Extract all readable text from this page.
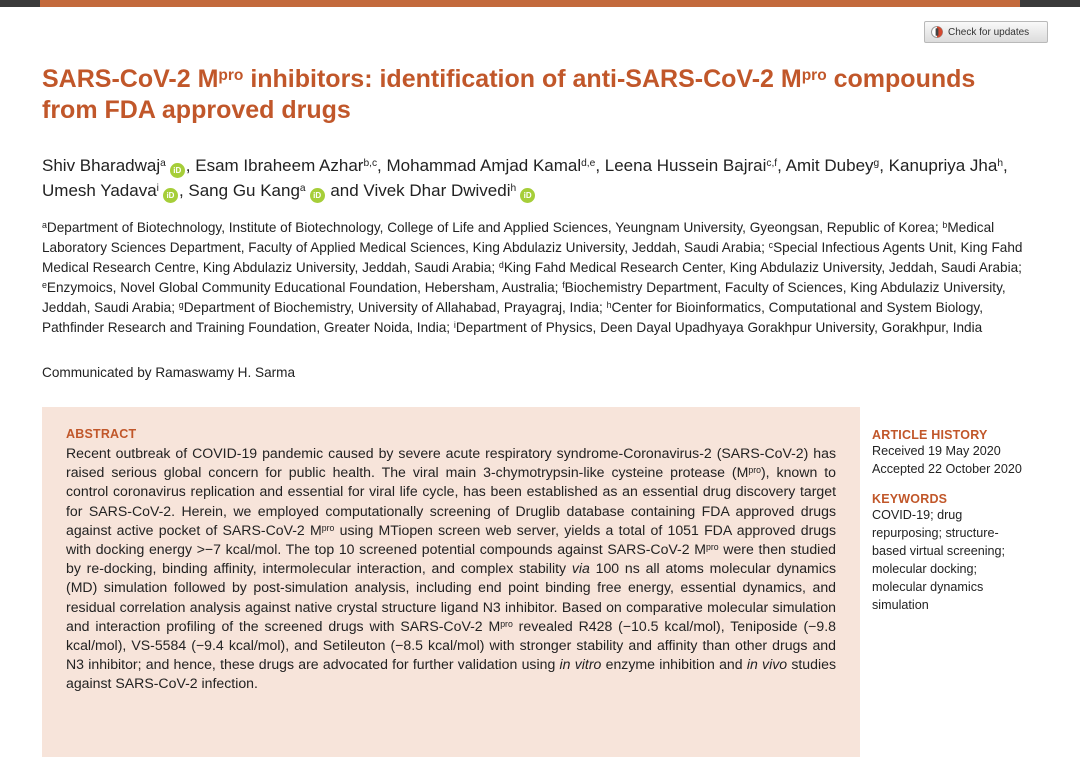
Check for updates
SARS-CoV-2 $M^{pro}$ inhibitors: identification of anti-SARS-CoV-2 $M^{pro}$ compounds from FDA approved drugs
Shiv Bharadwaj$^a$iD , Esam Ibraheem Azhar$^{b,c}$, Mohammad Amjad Kamal$^{d,e}$, Leena Hussein Bajrai$^{c,f}$, Amit Dubey$^g$, Kanupriya Jha$^h$, Umesh Yadava$^i$iD , Sang Gu Kang$^a$iD and Vivek Dhar Dwivedi$^h$iD
$^a$Department of Biotechnology, Institute of Biotechnology, College of Life and Applied Sciences, Yeungnam University, Gyeongsan, Republic of Korea; $^b$Medical Laboratory Sciences Department, Faculty of Applied Medical Sciences, King Abdulaziz University, Jeddah, Saudi Arabia; $^c$Special Infectious Agents Unit, King Fahd Medical Research Centre, King Abdulaziz University, Jeddah, Saudi Arabia; $^d$King Fahd Medical Research Center, King Abdulaziz University, Jeddah, Saudi Arabia; $^e$Enzymoics, Novel Global Community Educational Foundation, Hebersham, Australia; $^f$Biochemistry Department, Faculty of Sciences, King Abdulaziz University, Jeddah, Saudi Arabia; $^g$Department of Biochemistry, University of Allahabad, Prayagraj, India; $^h$Center for Bioinformatics, Computational and System Biology, Pathfinder Research and Training Foundation, Greater Noida, India; $^i$Department of Physics, Deen Dayal Upadhyaya Gorakhpur University, Gorakhpur, India
Communicated by Ramaswamy H. Sarma
ABSTRACT
Recent outbreak of COVID-19 pandemic caused by severe acute respiratory syndrome-Coronavirus-2 (SARS-CoV-2) has raised serious global concern for public health. The viral main 3-chymotrypsin-like cysteine protease $(M^{pro})$, known to control coronavirus replication and essential for viral life cycle, has been established as an essential drug discovery target for SARS-CoV-2. Herein, we employed computationally screening of Druglib database containing FDA approved drugs against active pocket of SARS-CoV-2 $M^{pro}$ using MTiopen screen web server, yields a total of 1051 FDA approved drugs with docking energy >−7 kcal/mol. The top 10 screened potential compounds against SARS-CoV-2 $M^{pro}$ were then studied by re-docking, binding affinity, intermolecular interaction, and complex stability via 100 ns all atoms molecular dynamics (MD) simulation followed by post-simulation analysis, including end point binding free energy, essential dynamics, and residual correlation analysis against native crystal structure ligand N3 inhibitor. Based on comparative molecular simulation and interaction profiling of the screened drugs with SARS-CoV-2 $M^{pro}$ revealed R428 (−10.5 kcal/mol), Teniposide (−9.8 kcal/mol), VS-5584 (−9.4 kcal/mol), and Setileuton (−8.5 kcal/mol) with stronger stability and affinity than other drugs and N3 inhibitor; and hence, these drugs are advocated for further validation using in vitro enzyme inhibition and in vivo studies against SARS-CoV-2 infection.
ARTICLE HISTORY
Received 19 May 2020
Accepted 22 October 2020
KEYWORDS
COVID-19; drug repurposing; structure-based virtual screening; molecular docking; molecular dynamics simulation
